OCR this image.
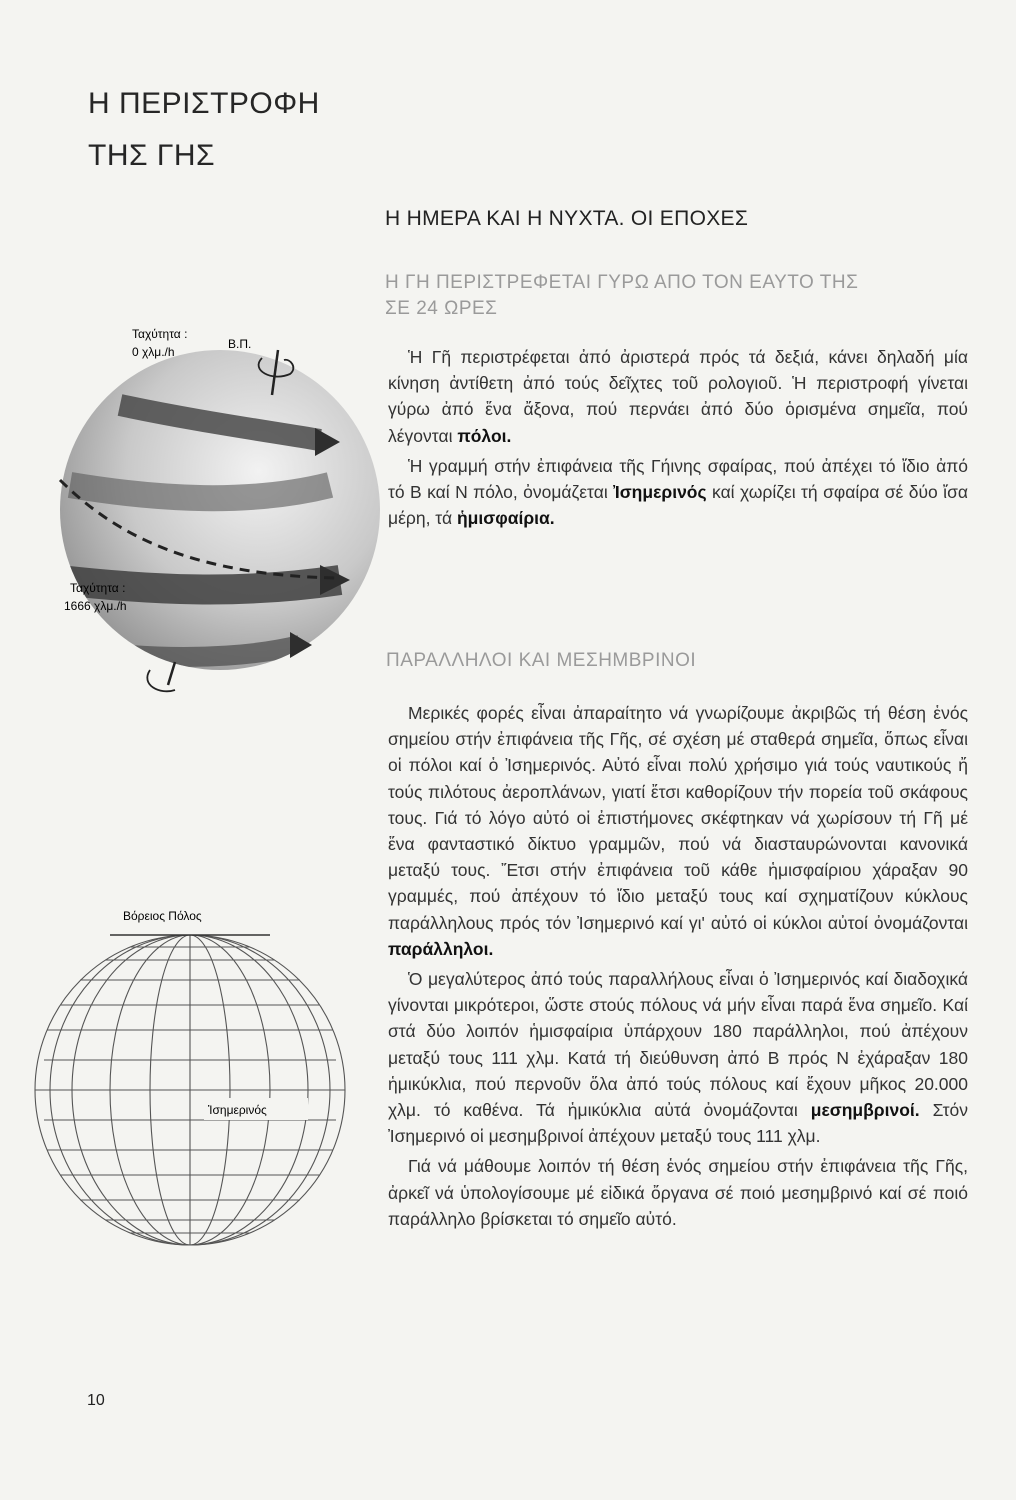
Η ΠΕΡΙΣΤΡΟΦΗ
ΤΗΣ ΓΗΣ
Η ΗΜΕΡΑ ΚΑΙ Η ΝΥΧΤΑ. ΟΙ ΕΠΟΧΕΣ
Η ΓΗ ΠΕΡΙΣΤΡΕΦΕΤΑΙ ΓΥΡΩ ΑΠΟ ΤΟΝ ΕΑΥΤΟ ΤΗΣ
ΣΕ 24 ΩΡΕΣ

Ἡ Γῆ περιστρέφεται ἀπό ἀριστερά πρός τά δεξιά, κάνει δηλαδή μία κίνηση ἀντίθετη ἀπό τούς δεῖχτες τοῦ ρολογιοῦ. Ἡ περιστροφή γίνεται γύρω ἀπό ἕνα ἄξονα, πού περνάει ἀπό δύο ὁρισμένα σημεῖα, πού λέγονται πόλοι.

Ἡ γραμμή στήν ἐπιφάνεια τῆς Γήινης σφαίρας, πού ἀπέχει τό ἴδιο ἀπό τό Β καί Ν πόλο, ὀνομάζεται Ἰσημερινός καί χωρίζει τή σφαίρα σέ δύο ἴσα μέρη, τά ἡμισφαίρια.

ΠΑΡΑΛΛΗΛΟΙ ΚΑΙ ΜΕΣΗΜΒΡΙΝΟΙ

Μερικές φορές εἶναι ἀπαραίτητο νά γνωρίζουμε ἀκριβῶς τή θέση ἑνός σημείου στήν ἐπιφάνεια τῆς Γῆς, σέ σχέση μέ σταθερά σημεῖα, ὅπως εἶναι οἱ πόλοι καί ὁ Ἰσημερινός. Αὐτό εἶναι πολύ χρήσιμο γιά τούς ναυτικούς ἤ τούς πιλότους ἀεροπλάνων, γιατί ἔτσι καθορίζουν τήν πορεία τοῦ σκάφους τους. Γιά τό λόγο αὐτό οἱ ἐπιστήμονες σκέφτηκαν νά χωρίσουν τή Γῆ μέ ἕνα φανταστικό δίκτυο γραμμῶν, πού νά διασταυρώνονται κανονικά μεταξύ τους. Ἔτσι στήν ἐπιφάνεια τοῦ κάθε ἡμισφαίριου χάραξαν 90 γραμμές, πού ἀπέχουν τό ἴδιο μεταξύ τους καί σχηματίζουν κύκλους παράλληλους πρός τόν Ἰσημερινό καί γι' αὐτό οἱ κύκλοι αὐτοί ὀνομάζονται παράλληλοι.

Ὁ μεγαλύτερος ἀπό τούς παραλλήλους εἶναι ὁ Ἰσημερινός καί διαδοχικά γίνονται μικρότεροι, ὥστε στούς πόλους νά μήν εἶναι παρά ἕνα σημεῖο. Καί στά δύο λοιπόν ἡμισφαίρια ὑπάρχουν 180 παράλληλοι, πού ἀπέχουν μεταξύ τους 111 χλμ. Κατά τή διεύθυνση ἀπό Β πρός Ν ἐχάραξαν 180 ἡμικύκλια, πού περνοῦν ὅλα ἀπό τούς πόλους καί ἔχουν μῆκος 20.000 χλμ. τό καθένα. Τά ἡμικύκλια αὐτά ὀνομάζονται μεσημβρινοί. Στόν Ἰσημερινό οἱ μεσημβρινοί ἀπέχουν μεταξύ τους 111 χλμ.

Γιά νά μάθουμε λοιπόν τή θέση ἑνός σημείου στήν ἐπιφάνεια τῆς Γῆς, ἀρκεῖ νά ὑπολογίσουμε μέ εἰδικά ὄργανα σέ ποιό μεσημβρινό καί σέ ποιό παράλληλο βρίσκεται τό σημεῖο αὐτό.

Ταχύτητα :
0 χλμ./h
Β.Π.
Ταχύτητα :
1666 χλμ./h
Βόρειος Πόλος
Ἰσημερινός
10
